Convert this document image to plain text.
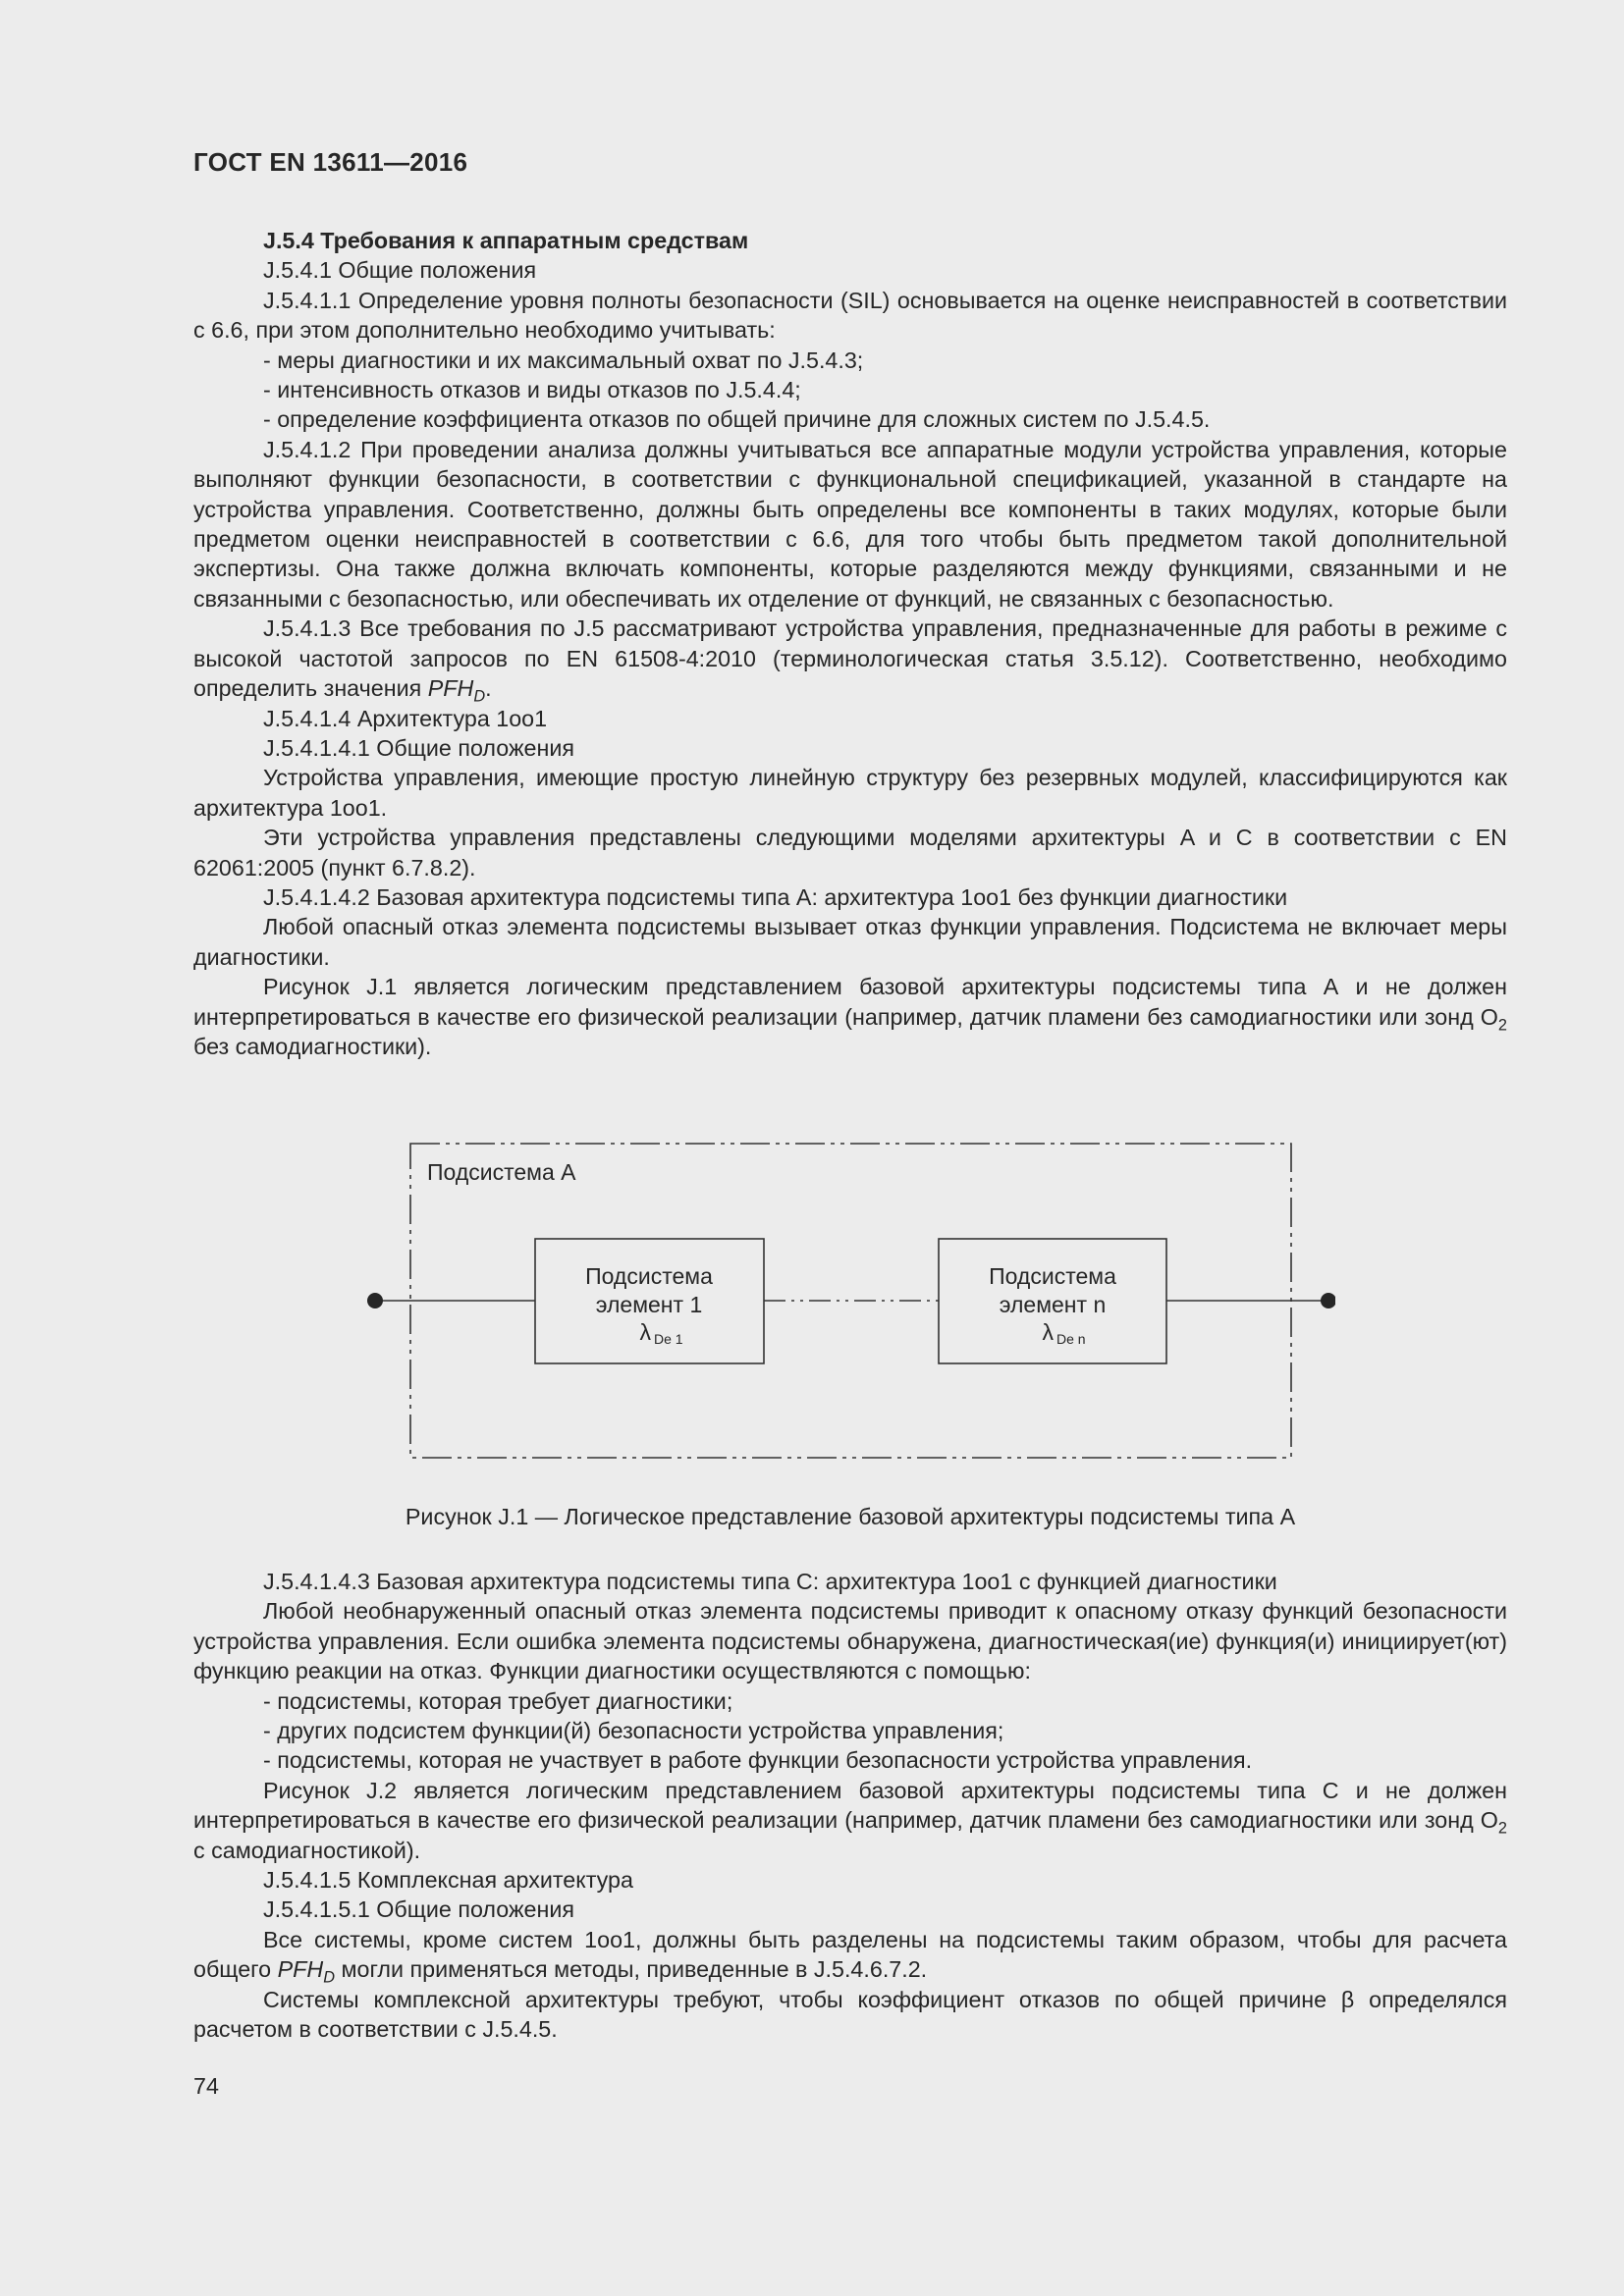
ГОСТ EN 13611—2016

J.5.4 Требования к аппаратным средствам

J.5.4.1 Общие положения

J.5.4.1.1 Определение уровня полноты безопасности (SIL) основывается на оценке неисправностей в соответствии с 6.6, при этом дополнительно необходимо учитывать:

- меры диагностики и их максимальный охват по J.5.4.3;

- интенсивность отказов и виды отказов по J.5.4.4;

- определение коэффициента отказов по общей причине для сложных систем по J.5.4.5.

J.5.4.1.2 При проведении анализа должны учитываться все аппаратные модули устройства управления, которые выполняют функции безопасности, в соответствии с функциональной спецификацией, указанной в стандарте на устройства управления. Соответственно, должны быть определены все компоненты в таких модулях, которые были предметом оценки неисправностей в соответствии с 6.6, для того чтобы быть предметом такой дополнительной экспертизы. Она также должна включать компоненты, которые разделяются между функциями, связанными и не связанными с безопасностью, или обеспечивать их отделение от функций, не связанных с безопасностью.

J.5.4.1.3 Все требования по J.5 рассматривают устройства управления, предназначенные для работы в режиме с высокой частотой запросов по EN 61508-4:2010 (терминологическая статья 3.5.12). Соответственно, необходимо определить значения $PFH_D$.

J.5.4.1.4 Архитектура 1oo1

J.5.4.1.4.1 Общие положения

Устройства управления, имеющие простую линейную структуру без резервных модулей, классифицируются как архитектура 1oo1.

Эти устройства управления представлены следующими моделями архитектуры A и C в соответствии с EN 62061:2005 (пункт 6.7.8.2).

J.5.4.1.4.2 Базовая архитектура подсистемы типа А: архитектура 1oo1 без функции диагностики

Любой опасный отказ элемента подсистемы вызывает отказ функции управления. Подсистема не включает меры диагностики.

Рисунок J.1 является логическим представлением базовой архитектуры подсистемы типа А и не должен интерпретироваться в качестве его физической реализации (например, датчик пламени без самодиагностики или зонд $O_2$ без самодиагностики).

Подсистема А
Подсистема
элемент 1
λ De 1
Подсистема
элемент n
λ De n
Рисунок J.1 — Логическое представление базовой архитектуры подсистемы типа А

J.5.4.1.4.3 Базовая архитектура подсистемы типа С: архитектура 1oo1 с функцией диагностики

Любой необнаруженный опасный отказ элемента подсистемы приводит к опасному отказу функций безопасности устройства управления. Если ошибка элемента подсистемы обнаружена, диагностическая(ие) функция(и) инициирует(ют) функцию реакции на отказ. Функции диагностики осуществляются с помощью:

- подсистемы, которая требует диагностики;

- других подсистем функции(й) безопасности устройства управления;

- подсистемы, которая не участвует в работе функции безопасности устройства управления.

Рисунок J.2 является логическим представлением базовой архитектуры подсистемы типа С и не должен интерпретироваться в качестве его физической реализации (например, датчик пламени без самодиагностики или зонд $O_2$ с самодиагностикой).

J.5.4.1.5 Комплексная архитектура

J.5.4.1.5.1 Общие положения

Все системы, кроме систем 1oo1, должны быть разделены на подсистемы таким образом, чтобы для расчета общего $PFH_D$ могли применяться методы, приведенные в J.5.4.6.7.2.

Системы комплексной архитектуры требуют, чтобы коэффициент отказов по общей причине β определялся расчетом в соответствии с J.5.4.5.

74
